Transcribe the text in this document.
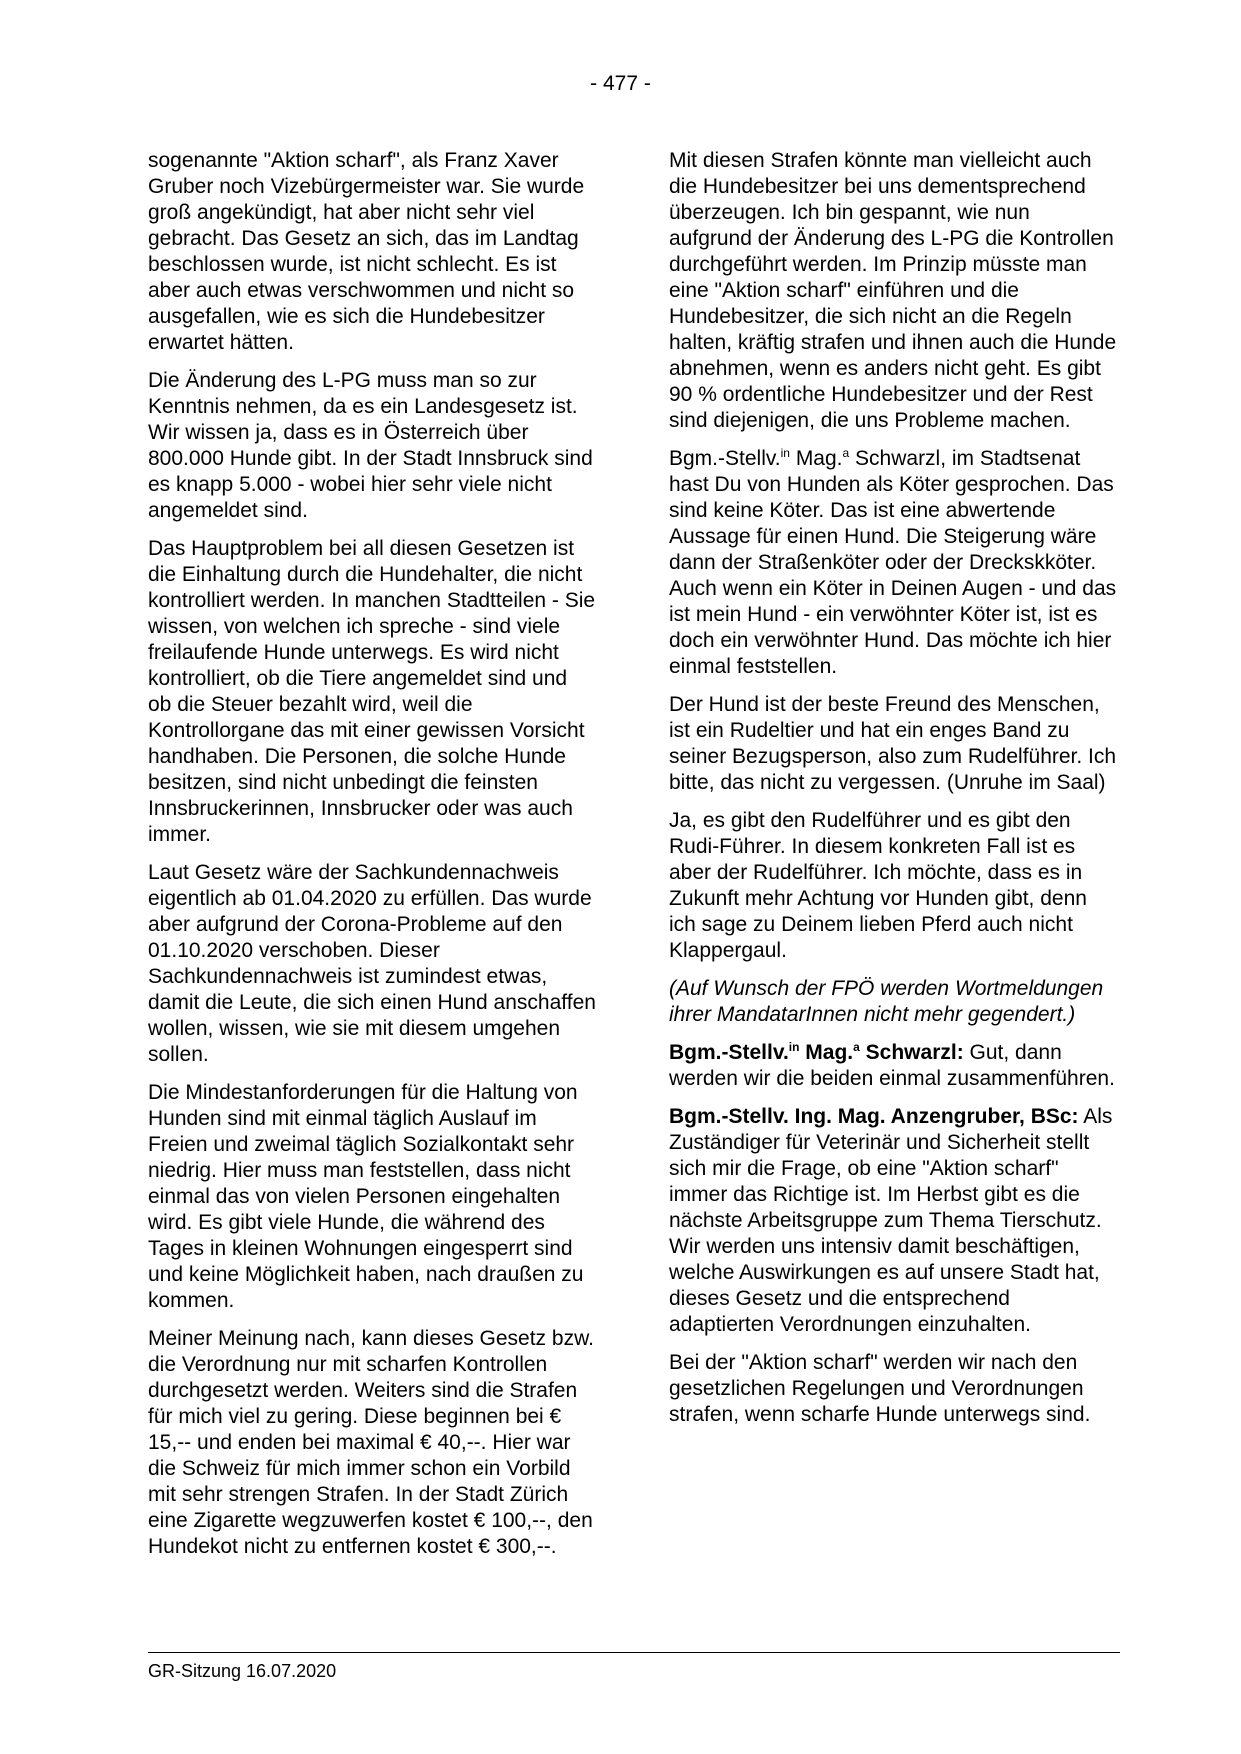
- 477 -

sogenannte "Aktion scharf", als Franz Xaver Gruber noch Vizebürgermeister war. Sie wurde groß angekündigt, hat aber nicht sehr viel gebracht. Das Gesetz an sich, das im Landtag beschlossen wurde, ist nicht schlecht. Es ist aber auch etwas verschwommen und nicht so ausgefallen, wie es sich die Hundebesitzer erwartet hätten.

Die Änderung des L-PG muss man so zur Kenntnis nehmen, da es ein Landesgesetz ist. Wir wissen ja, dass es in Österreich über 800.000 Hunde gibt. In der Stadt Innsbruck sind es knapp 5.000 - wobei hier sehr viele nicht angemeldet sind.

Das Hauptproblem bei all diesen Gesetzen ist die Einhaltung durch die Hundehalter, die nicht kontrolliert werden. In manchen Stadtteilen - Sie wissen, von welchen ich spreche - sind viele freilaufende Hunde unterwegs. Es wird nicht kontrolliert, ob die Tiere angemeldet sind und ob die Steuer bezahlt wird, weil die Kontrollorgane das mit einer gewissen Vorsicht handhaben. Die Personen, die solche Hunde besitzen, sind nicht unbedingt die feinsten Innsbruckerinnen, Innsbrucker oder was auch immer.

Laut Gesetz wäre der Sachkundennachweis eigentlich ab 01.04.2020 zu erfüllen. Das wurde aber aufgrund der Corona-Probleme auf den 01.10.2020 verschoben. Dieser Sachkundennachweis ist zumindest etwas, damit die Leute, die sich einen Hund anschaffen wollen, wissen, wie sie mit diesem umgehen sollen.

Die Mindestanforderungen für die Haltung von Hunden sind mit einmal täglich Auslauf im Freien und zweimal täglich Sozialkontakt sehr niedrig. Hier muss man feststellen, dass nicht einmal das von vielen Personen eingehalten wird. Es gibt viele Hunde, die während des Tages in kleinen Wohnungen eingesperrt sind und keine Möglichkeit haben, nach draußen zu kommen.

Meiner Meinung nach, kann dieses Gesetz bzw. die Verordnung nur mit scharfen Kontrollen durchgesetzt werden. Weiters sind die Strafen für mich viel zu gering. Diese beginnen bei € 15,-- und enden bei maximal € 40,--. Hier war die Schweiz für mich immer schon ein Vorbild mit sehr strengen Strafen. In der Stadt Zürich eine Zigarette wegzuwerfen kostet € 100,--, den Hundekot nicht zu entfernen kostet € 300,--.

Mit diesen Strafen könnte man vielleicht auch die Hundebesitzer bei uns dementsprechend überzeugen. Ich bin gespannt, wie nun aufgrund der Änderung des L-PG die Kontrollen durchgeführt werden. Im Prinzip müsste man eine "Aktion scharf" einführen und die Hundebesitzer, die sich nicht an die Regeln halten, kräftig strafen und ihnen auch die Hunde abnehmen, wenn es anders nicht geht. Es gibt 90 % ordentliche Hundebesitzer und der Rest sind diejenigen, die uns Probleme machen.

Bgm.-Stellv.$^{in}$ Mag.$^a$ Schwarzl, im Stadtsenat hast Du von Hunden als Köter gesprochen. Das sind keine Köter. Das ist eine abwertende Aussage für einen Hund. Die Steigerung wäre dann der Straßenköter oder der Dreckskköter. Auch wenn ein Köter in Deinen Augen - und das ist mein Hund - ein verwöhnter Köter ist, ist es doch ein verwöhnter Hund. Das möchte ich hier einmal feststellen.

Der Hund ist der beste Freund des Menschen, ist ein Rudeltier und hat ein enges Band zu seiner Bezugsperson, also zum Rudelführer. Ich bitte, das nicht zu vergessen. (Unruhe im Saal)

Ja, es gibt den Rudelführer und es gibt den Rudi-Führer. In diesem konkreten Fall ist es aber der Rudelführer. Ich möchte, dass es in Zukunft mehr Achtung vor Hunden gibt, denn ich sage zu Deinem lieben Pferd auch nicht Klappergaul.

(Auf Wunsch der FPÖ werden Wortmeldungen ihrer MandatarInnen nicht mehr gegendert.)

Bgm.-Stellv.$^{in}$ Mag.$^a$ Schwarzl: Gut, dann werden wir die beiden einmal zusammenführen.

Bgm.-Stellv. Ing. Mag. Anzengruber, BSc: Als Zuständiger für Veterinär und Sicherheit stellt sich mir die Frage, ob eine "Aktion scharf" immer das Richtige ist. Im Herbst gibt es die nächste Arbeitsgruppe zum Thema Tierschutz. Wir werden uns intensiv damit beschäftigen, welche Auswirkungen es auf unsere Stadt hat, dieses Gesetz und die entsprechend adaptierten Verordnungen einzuhalten.

Bei der "Aktion scharf" werden wir nach den gesetzlichen Regelungen und Verordnungen strafen, wenn scharfe Hunde unterwegs sind.

GR-Sitzung 16.07.2020
